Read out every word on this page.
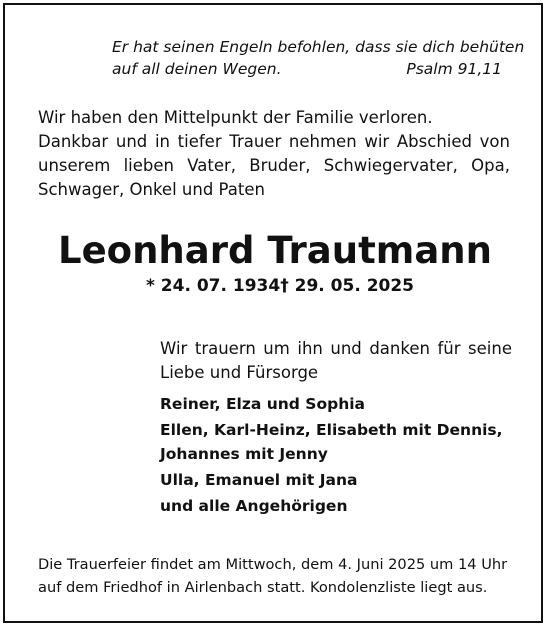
Er hat seinen Engeln befohlen, dass sie dich behüten
auf all deinen Wegen.	Psalm 91,11
Wir haben den Mittelpunkt der Familie verloren.
Dankbar und in tiefer Trauer nehmen wir Abschied von
unserem lieben Vater, Bruder, Schwiegervater, Opa,
Schwager, Onkel und Paten
Leonhard Trautmann
* 24. 07. 1934 † 29. 05. 2025
Wir trauern um ihn und danken für seine
Liebe und Fürsorge
Reiner, Elza und Sophia
Ellen, Karl-Heinz, Elisabeth mit Dennis,
Johannes mit Jenny
Ulla, Emanuel mit Jana
und alle Angehörigen
Die Trauerfeier findet am Mittwoch, dem 4. Juni 2025 um 14 Uhr
auf dem Friedhof in Airlenbach statt. Kondolenzliste liegt aus.
